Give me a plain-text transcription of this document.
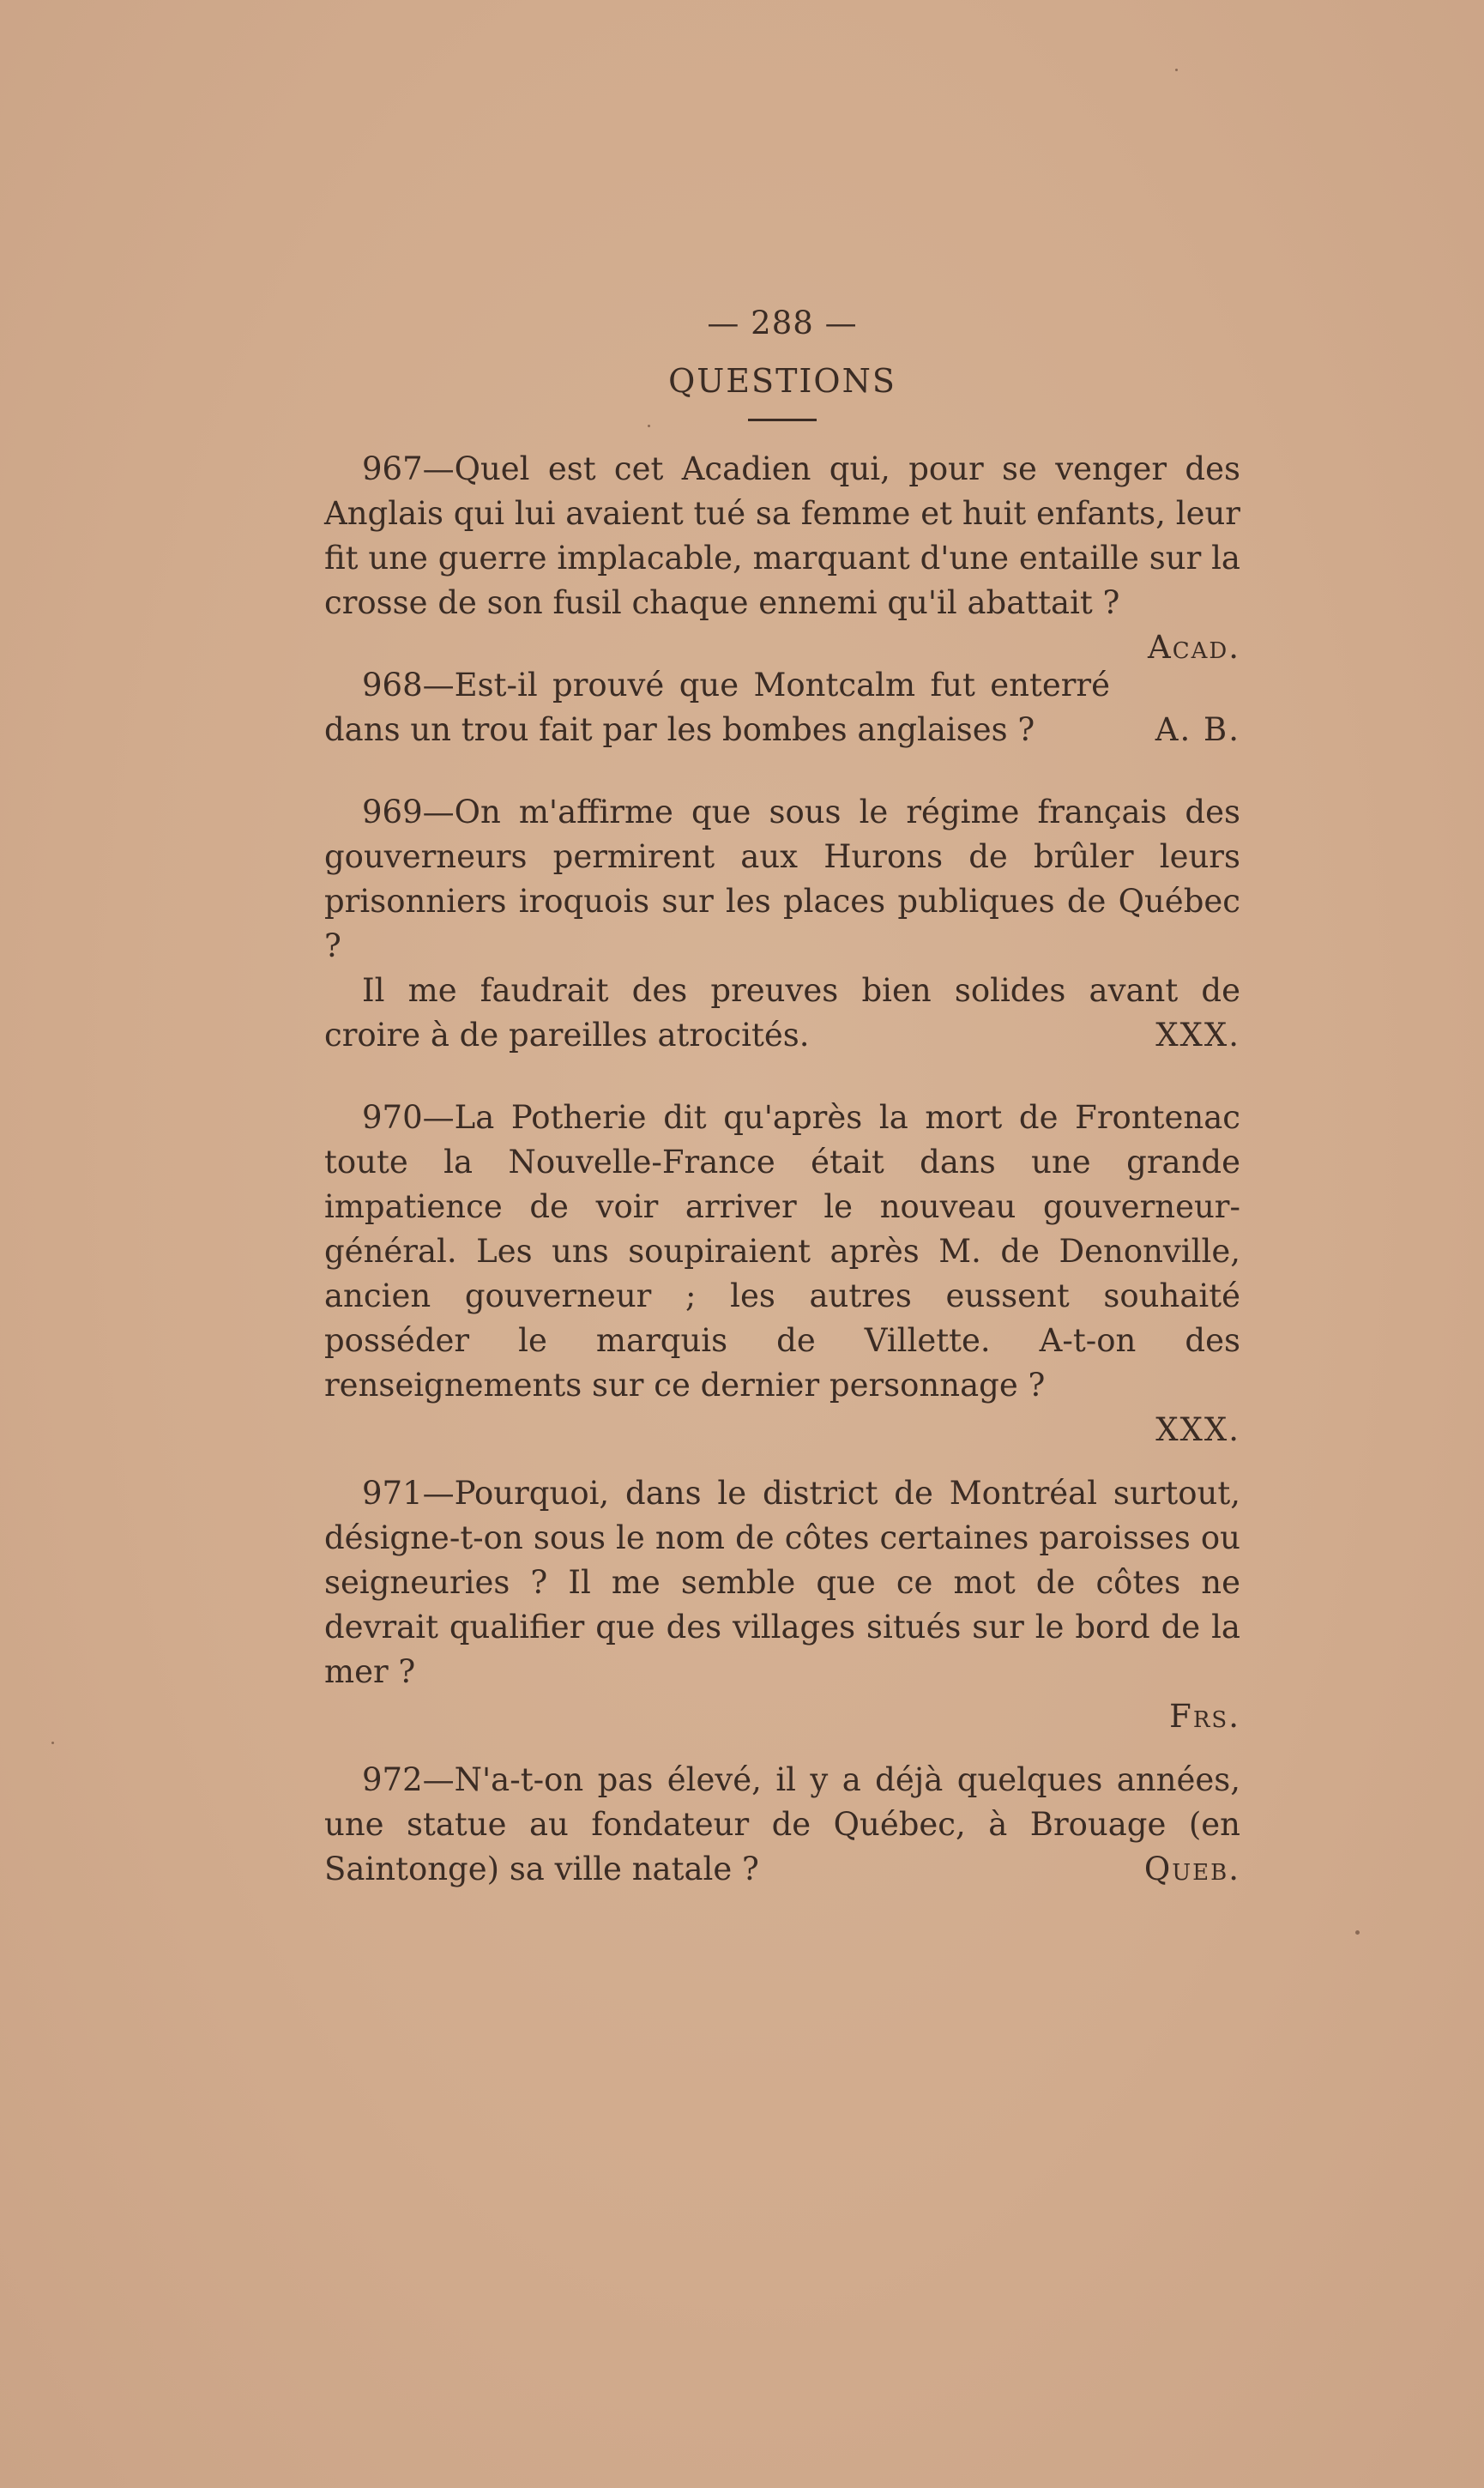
— 288 —
QUESTIONS

967—Quel est cet Acadien qui, pour se venger des Anglais qui lui avaient tué sa femme et huit enfants, leur fit une guerre implacable, marquant d'une entaille sur la crosse de son fusil chaque ennemi qu'il abattait ?
Acad.

968—Est-il prouvé que Montcalm fut enterré dans un trou fait par les bombes anglaises ?	A. B.

969—On m'affirme que sous le régime français des gouverneurs permirent aux Hurons de brûler leurs prisonniers iroquois sur les places publiques de Québec ?

Il me faudrait des preuves bien solides avant de croire à de pareilles atrocités.	XXX.

970—La Potherie dit qu'après la mort de Frontenac toute la Nouvelle-France était dans une grande impatience de voir arriver le nouveau gouverneur-général. Les uns soupiraient après M. de Denonville, ancien gouverneur ; les autres eussent souhaité posséder le marquis de Villette. A-t-on des renseignements sur ce dernier personnage ?

XXX.

971—Pourquoi, dans le district de Montréal surtout, désigne-t-on sous le nom de côtes certaines paroisses ou seigneuries ? Il me semble que ce mot de côtes ne devrait qualifier que des villages situés sur le bord de la mer ?

Frs.

972—N'a-t-on pas élevé, il y a déjà quelques années, une statue au fondateur de Québec, à Brouage (en Saintonge) sa ville natale ?	Queb.
